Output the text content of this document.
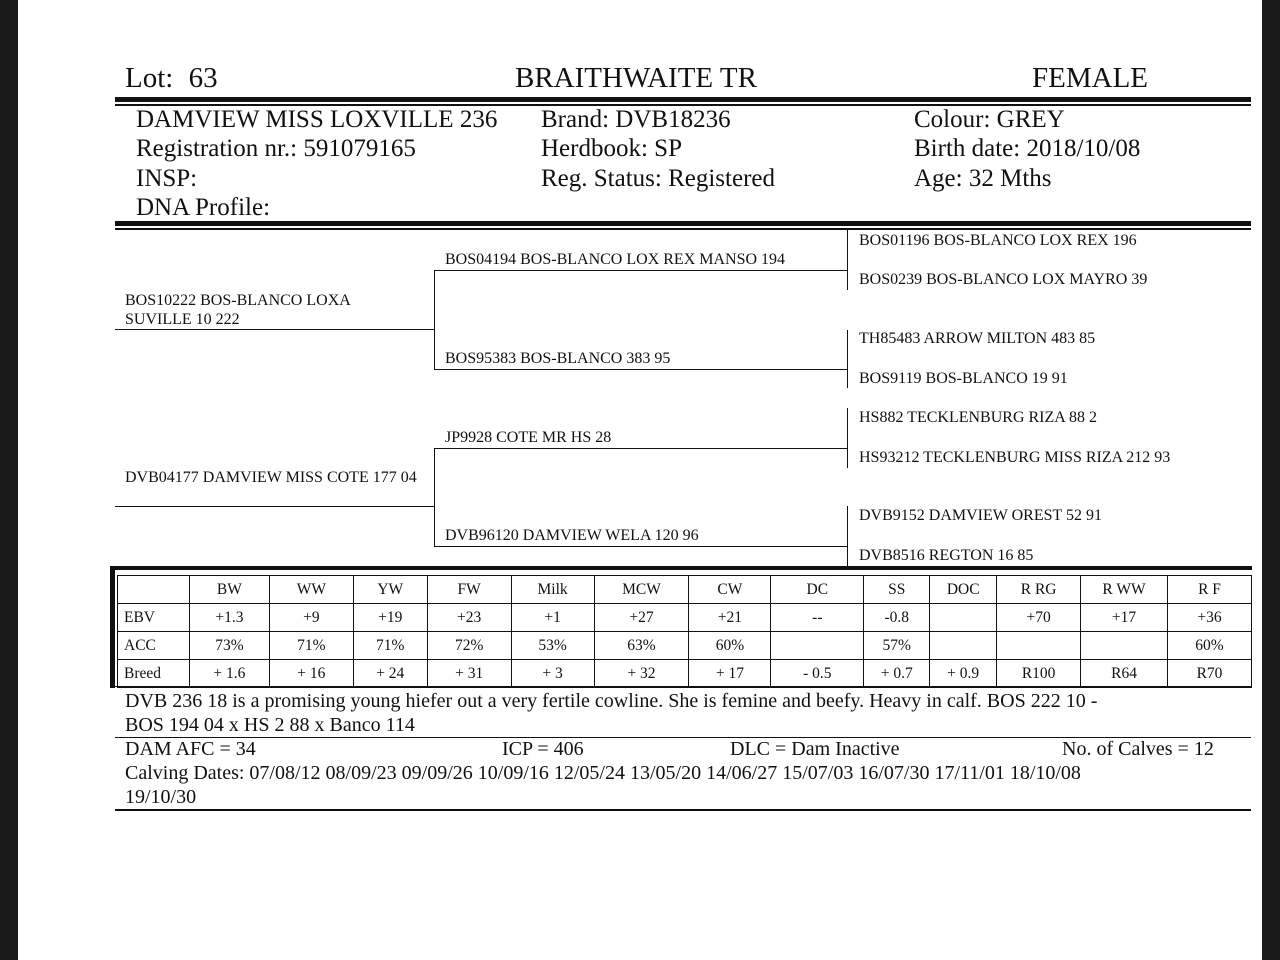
Lot: 63	BRAITHWAITE TR	FEMALE
DAMVIEW MISS LOXVILLE 236 Brand: DVB18236	Colour: GREY
Registration nr.: 591079165	Herdbook: SP	Birth date: 2018/10/08
INSP:	Reg. Status: Registered	Age: 32 Mths
DNA Profile:
BOS10222 BOS-BLANCO LOXA SUVILLE 10 222
DVB04177 DAMVIEW MISS COTE 177 04
BOS04194 BOS-BLANCO LOX REX MANSO 194
BOS95383 BOS-BLANCO 383 95
JP9928 COTE MR HS 28
DVB96120 DAMVIEW WELA 120 96
BOS01196 BOS-BLANCO LOX REX 196
BOS0239 BOS-BLANCO LOX MAYRO 39
TH85483 ARROW MILTON 483 85
BOS9119 BOS-BLANCO 19 91
HS882 TECKLENBURG RIZA 88 2
HS93212 TECKLENBURG MISS RIZA 212 93
DVB9152 DAMVIEW OREST 52 91
DVB8516 REGTON 16 85
	BW	WW	YW	FW	Milk	MCW	CW	DC	SS	DOC	R RG	R WW	R F
EBV	+1.3	+9	+19	+23	+1	+27	+21	--	-0.8		+70	+17	+36
ACC	73%	71%	71%	72%	53%	63%	60%		57%				60%
Breed	+ 1.6	+ 16	+ 24	+ 31	+ 3	+ 32	+ 17	- 0.5	+ 0.7	+ 0.9	R100	R64	R70
DVB 236 18 is a promising young hiefer out a very fertile cowline. She is femine and beefy. Heavy in calf. BOS 222 10 -
BOS 194 04 x HS 2 88 x Banco 114
DAM AFC = 34	ICP = 406	DLC = Dam Inactive	No. of Calves = 12
Calving Dates: 07/08/12 08/09/23 09/09/26 10/09/16 12/05/24 13/05/20 14/06/27 15/07/03 16/07/30 17/11/01 18/10/08
19/10/30
